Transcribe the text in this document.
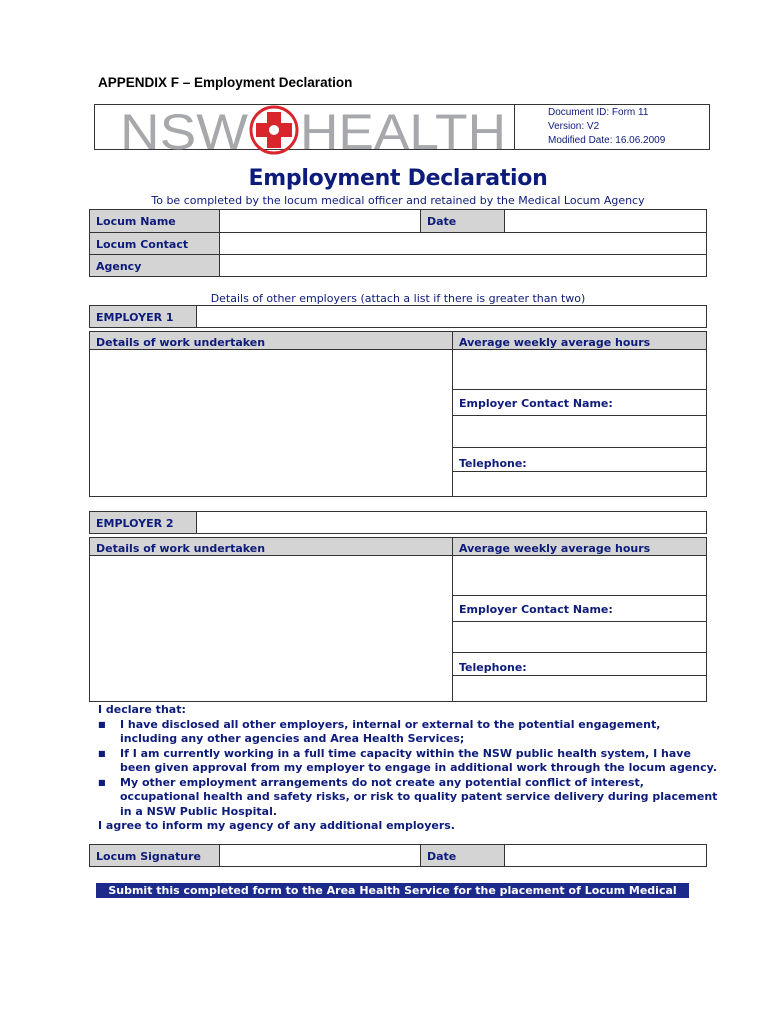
APPENDIX F – Employment Declaration
NSW HEALTH	Document ID: Form 11
Version: V2
Modified Date: 16.06.2009
Employment Declaration
To be completed by the locum medical officer and retained by the Medical Locum Agency
Locum Name	Date
Locum Contact
Agency
Details of other employers (attach a list if there is greater than two)
EMPLOYER 1
Details of work undertaken	Average weekly average hours
Employer Contact Name:
Telephone:
EMPLOYER 2
Details of work undertaken	Average weekly average hours
Employer Contact Name:
Telephone:
I declare that:
■ I have disclosed all other employers, internal or external to the potential engagement, including any other agencies and Area Health Services;
■ If I am currently working in a full time capacity within the NSW public health system, I have been given approval from my employer to engage in additional work through the locum agency.
■ My other employment arrangements do not create any potential conflict of interest, occupational health and safety risks, or risk to quality patent service delivery during placement in a NSW Public Hospital.
I agree to inform my agency of any additional employers.
Locum Signature	Date
Submit this completed form to the Area Health Service for the placement of Locum Medical Officer
